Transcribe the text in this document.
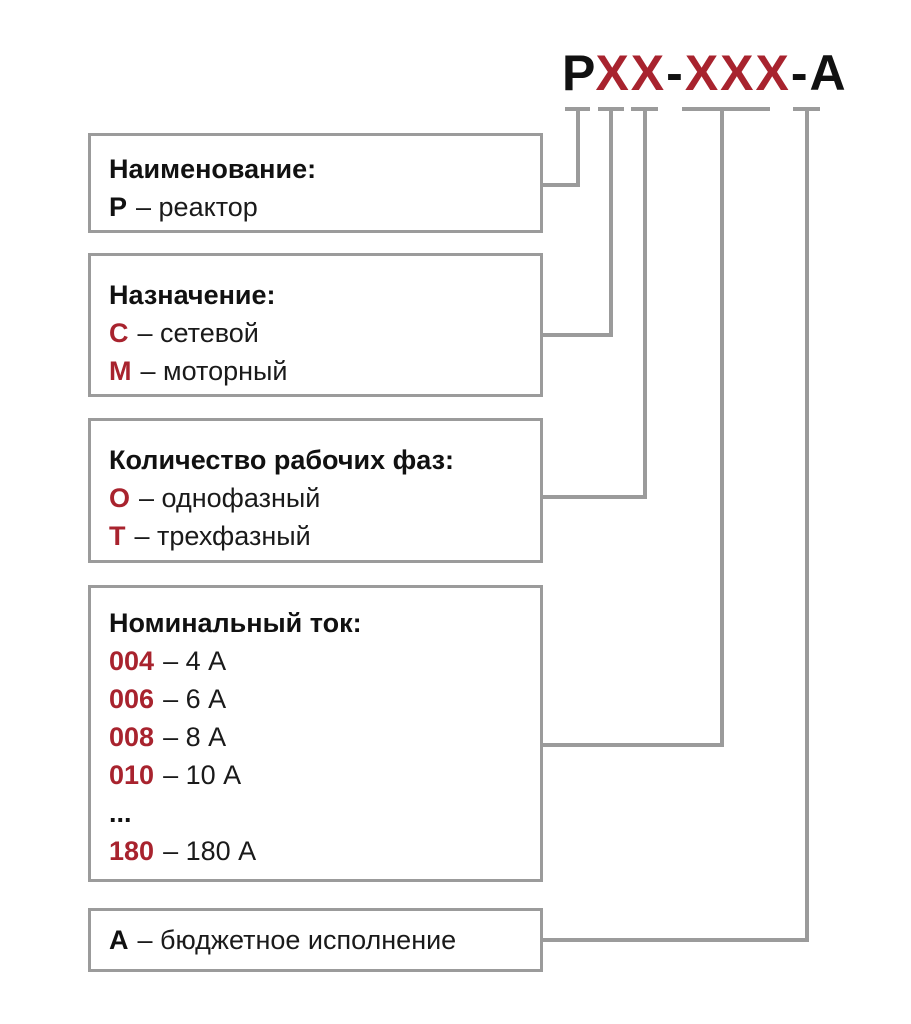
РХХ-ХХХ-А
Наименование:
Р – реактор
Назначение:
С – сетевой
М – моторный
Количество рабочих фаз:
О – однофазный
Т – трехфазный
Номинальный ток:
004 – 4 А
006 – 6 А
008 – 8 А
010 – 10 А
...
180 – 180 А
А – бюджетное исполнение
